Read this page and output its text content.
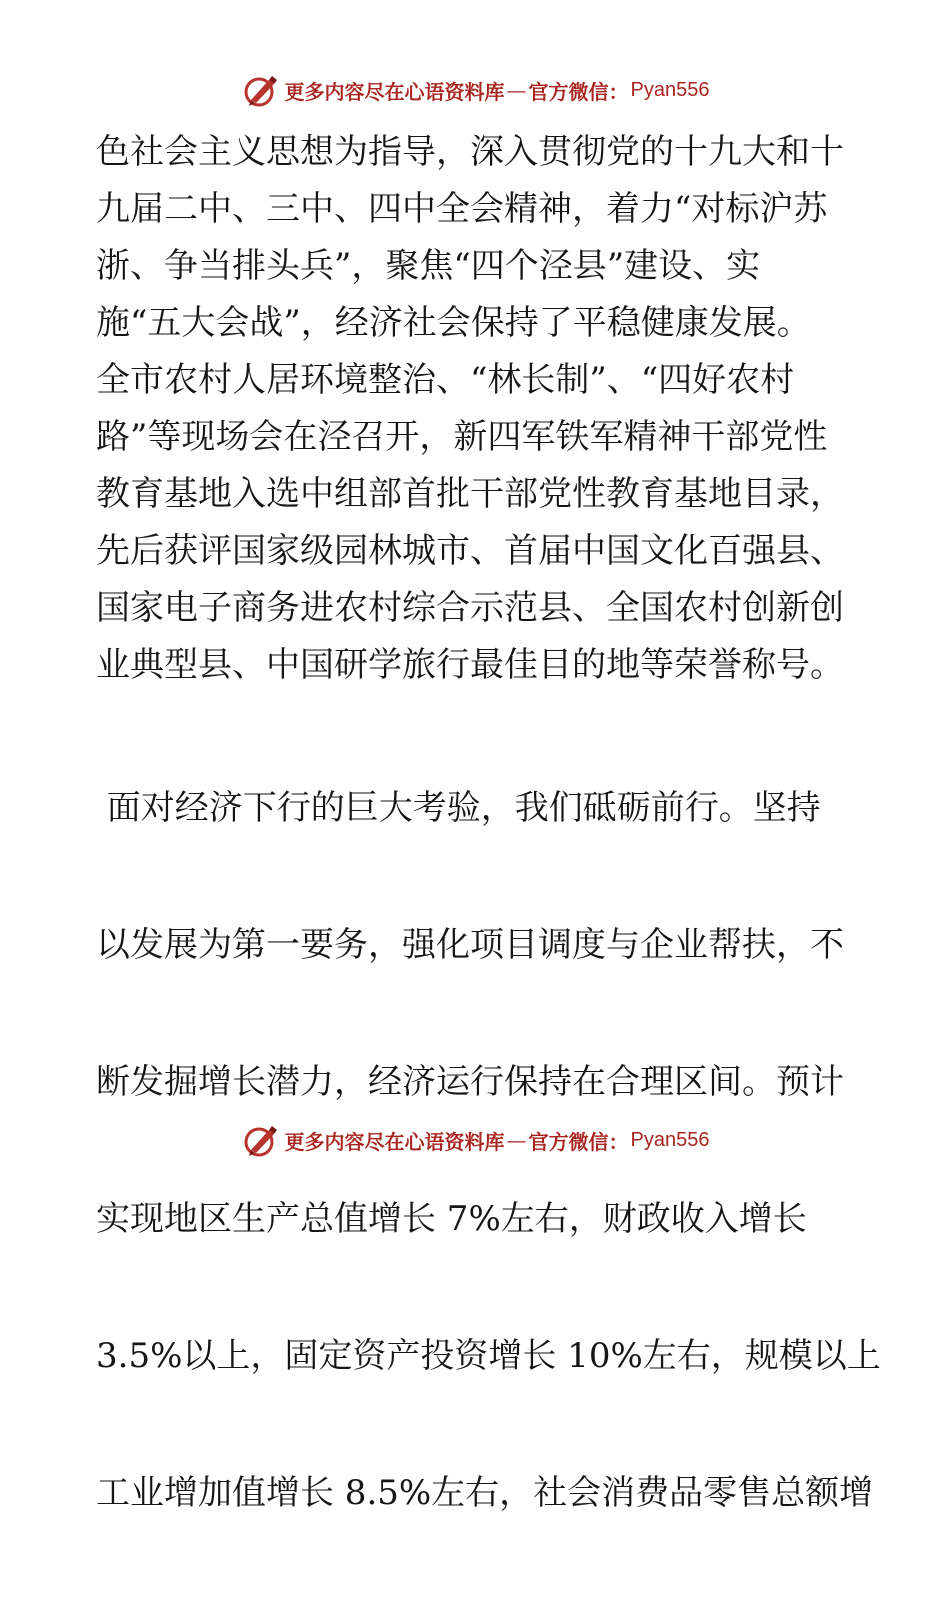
更多内容尽在心语资料库 — 官方微信： Pyan556
色社会主义思想为指导，深入贯彻党的十九大和十
九届二中、三中、四中全会精神，着力“对标沪苏
浙、争当排头兵”，聚焦“四个泾县”建设、实
施“五大会战”，经济社会保持了平稳健康发展。
全市农村人居环境整治、“林长制”、“四好农村
路”等现场会在泾召开，新四军铁军精神干部党性
教育基地入选中组部首批干部党性教育基地目录，
先后获评国家级园林城市、首届中国文化百强县、
国家电子商务进农村综合示范县、全国农村创新创
业典型县、中国研学旅行最佳目的地等荣誉称号。

面对经济下行的巨大考验，我们砥砺前行。坚持

以发展为第一要务，强化项目调度与企业帮扶，不

断发掘增长潜力，经济运行保持在合理区间。预计

实现地区生产总值增长 7%左右，财政收入增长

3.5%以上，固定资产投资增长 10%左右，规模以上

工业增加值增长 8.5%左右，社会消费品零售总额增

更多内容尽在心语资料库 — 官方微信： Pyan556
